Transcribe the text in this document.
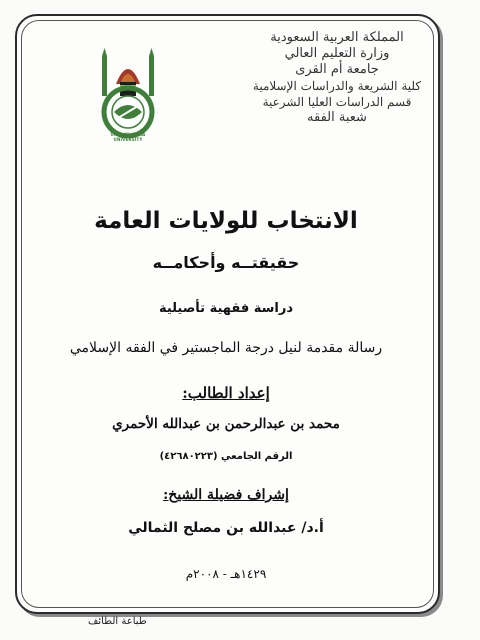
UMM AL-QURA UNIVERSITY
المملكة العربية السعودية
وزارة التعليم العالي
جامعة أم القرى
كلية الشريعة والدراسات الإسلامية
قسم الدراسات العليا الشرعية
شعبة الفقه
الانتخاب للولايات العامة
حقيقتــه وأحكامــه
دراسة فقهية تأصيلية
رسالة مقدمة لنيل درجة الماجستير في الفقه الإسلامي
إعداد الطالب:
محمد بن عبدالرحمن بن عبدالله الأحمري
الرقم الجامعي (٤٢٦٨٠٢٢٣)
إشراف فضيلة الشيخ:
أ.د/ عبدالله بن مصلح الثمالي
١٤٢٩هـ - ٢٠٠٨م
طباعة الطائف
